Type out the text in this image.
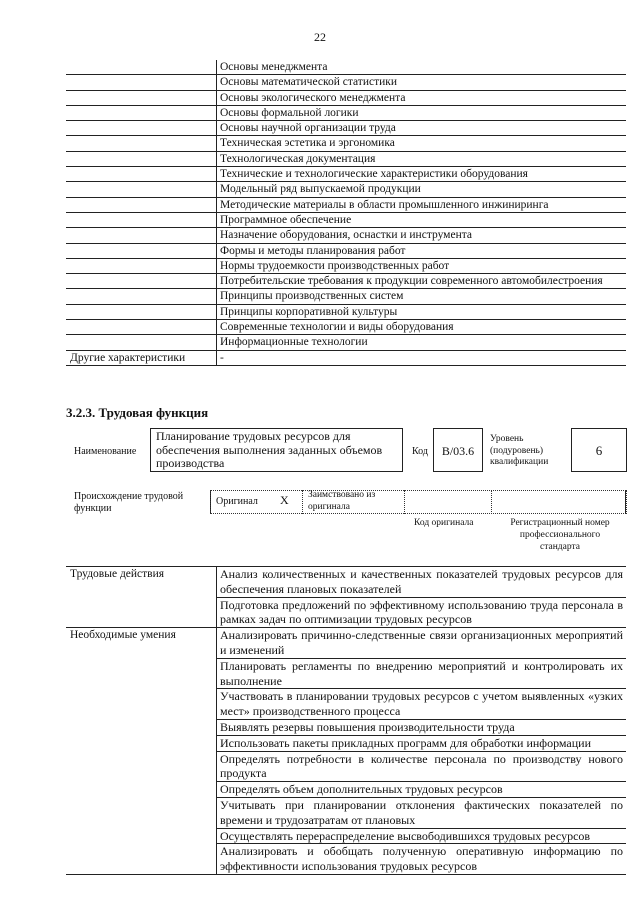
22
	Основы менеджмента
	Основы математической статистики
	Основы экологического менеджмента
	Основы формальной логики
	Основы научной организации труда
	Техническая эстетика и эргономика
	Технологическая документация
	Технические и технологические характеристики оборудования
	Модельный ряд выпускаемой продукции
	Методические материалы в области промышленного инжиниринга
	Программное обеспечение
	Назначение оборудования, оснастки и инструмента
	Формы и методы планирования работ
	Нормы трудоемкости производственных работ
	Потребительские требования к продукции современного автомобилестроения
	Принципы производственных систем
	Принципы корпоративной культуры
	Современные технологии и виды оборудования
	Информационные технологии
Другие характеристики	-
3.2.3. Трудовая функция
Наименование
Планирование трудовых ресурсов для обеспечения выполнения заданных объемов производства
Код	B/03.6
Уровень (подуровень) квалификации
6
Происхождение трудовой функции
Оригинал X Заимствовано из оригинала
Код оригинала	Регистрационный номер профессионального стандарта
Трудовые действия	Анализ количественных и качественных показателей трудовых ресурсов для обеспечения плановых показателей
	Подготовка предложений по эффективному использованию труда персонала в рамках задач по оптимизации трудовых ресурсов
Необходимые умения	Анализировать причинно-следственные связи организационных мероприятий и изменений
	Планировать регламенты по внедрению мероприятий и контролировать их выполнение
	Участвовать в планировании трудовых ресурсов с учетом выявленных «узких мест» производственного процесса
	Выявлять резервы повышения производительности труда
	Использовать пакеты прикладных программ для обработки информации
	Определять потребности в количестве персонала по производству нового продукта
	Определять объем дополнительных трудовых ресурсов
	Учитывать при планировании отклонения фактических показателей по времени и трудозатратам от плановых
	Осуществлять перераспределение высвободившихся трудовых ресурсов
	Анализировать и обобщать полученную оперативную информацию по эффективности использования трудовых ресурсов
